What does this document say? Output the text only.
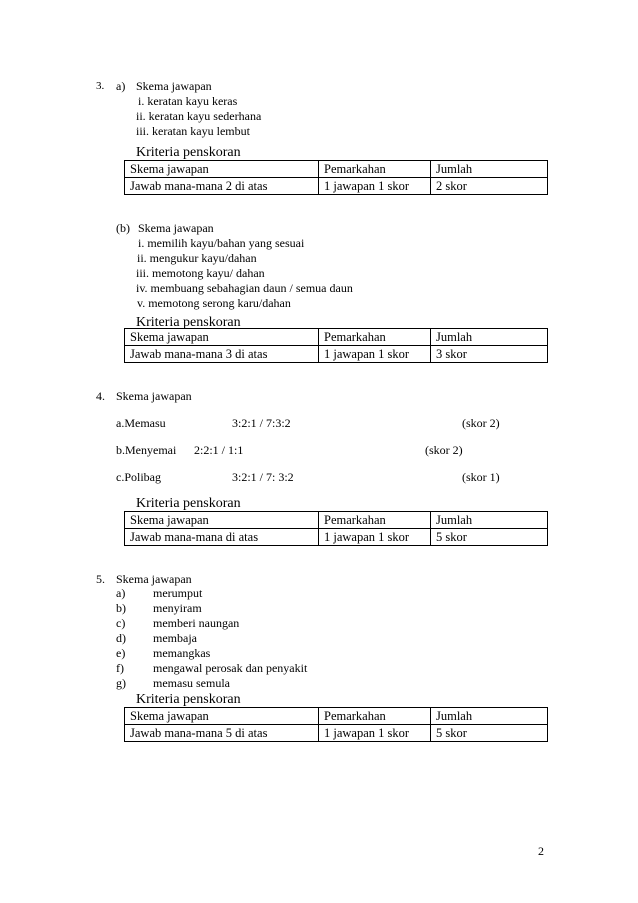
3. a) Skema jawapan
i. keratan kayu keras
ii. keratan kayu sederhana
iii. keratan kayu lembut
Kriteria penskoran
Skema jawapan	Pemarkahan	Jumlah
Jawab mana-mana 2 di atas	1 jawapan 1 skor	2 skor
(b) Skema jawapan
i. memilih kayu/bahan yang sesuai
ii. mengukur kayu/dahan
iii. memotong kayu/ dahan
iv. membuang sebahagian daun / semua daun
v. memotong serong karu/dahan
Kriteria penskoran
Skema jawapan	Pemarkahan	Jumlah
Jawab mana-mana 3 di atas	1 jawapan 1 skor	3 skor
4. Skema jawapan
a.Memasu	3:2:1 / 7:3:2	(skor 2)
b.Menyemai 2:2:1 / 1:1	(skor 2)
c.Polibag	3:2:1 / 7: 3:2	(skor 1)
Kriteria penskoran
Skema jawapan	Pemarkahan	Jumlah
Jawab mana-mana di atas	1 jawapan 1 skor	5 skor
5. Skema jawapan
a) merumput
b) menyiram
c) memberi naungan
d) membaja
e) memangkas
f) mengawal perosak dan penyakit
g) memasu semula
Kriteria penskoran
Skema jawapan	Pemarkahan	Jumlah
Jawab mana-mana 5 di atas	1 jawapan 1 skor	5 skor
2
